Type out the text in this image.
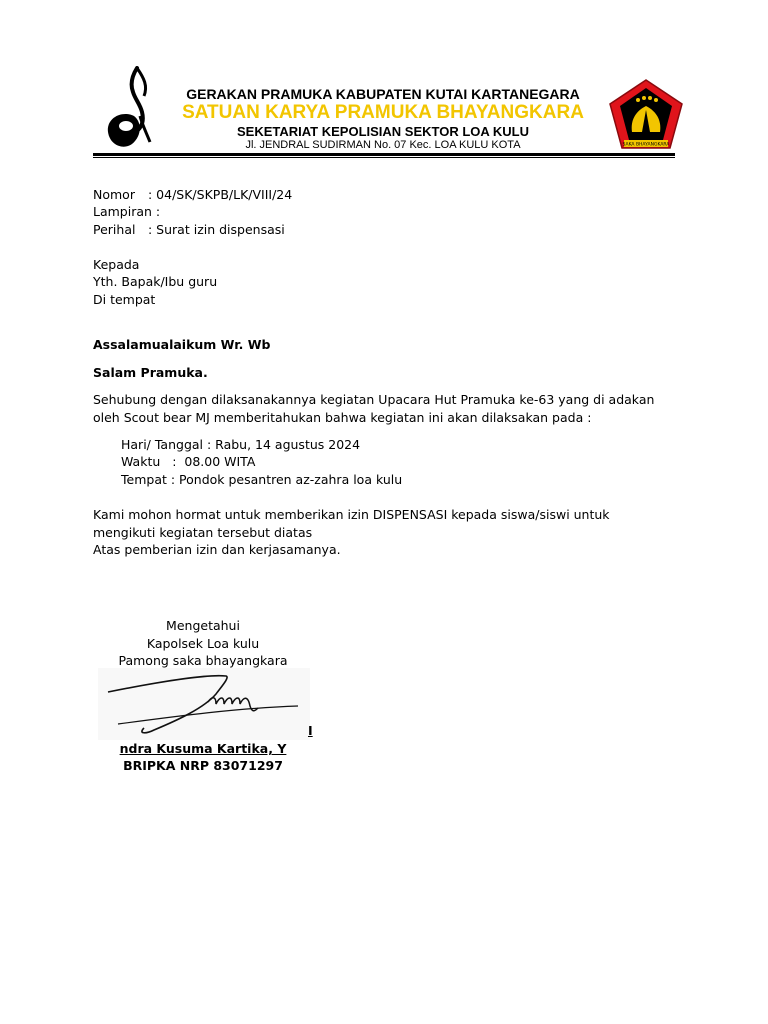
GERAKAN PRAMUKA KABUPATEN KUTAI KARTANEGARA
SATUAN KARYA PRAMUKA BHAYANGKARA
SEKETARIAT KEPOLISIAN SEKTOR LOA KULU
Jl. JENDRAL SUDIRMAN No. 07 Kec. LOA KULU KOTA	SAKA BHAYANGKARA
Nomor : 04/SK/SKPB/LK/VIII/24
Lampiran :
Perihal : Surat izin dispensasi
Kepada
Yth. Bapak/Ibu guru
Di tempat
Assalamualaikum Wr. Wb
Salam Pramuka.
Sehubung dengan dilaksanakannya kegiatan Upacara Hut Pramuka ke-63 yang di adakan oleh Scout bear MJ memberitahukan bahwa kegiatan ini akan dilaksakan pada :
Hari/ Tanggal : Rabu, 14 agustus 2024
Waktu   :  08.00 WITA
Tempat : Pondok pesantren az-zahra loa kulu
Kami mohon hormat untuk memberikan izin DISPENSASI kepada siswa/siswi untuk mengikuti kegiatan tersebut diatas
Atas pemberian izin dan kerjasamanya.
Mengetahui
Kapolsek Loa kulu
Pamong saka bhayangkara
I
ndra Kusuma Kartika, Y
BRIPKA NRP 83071297
